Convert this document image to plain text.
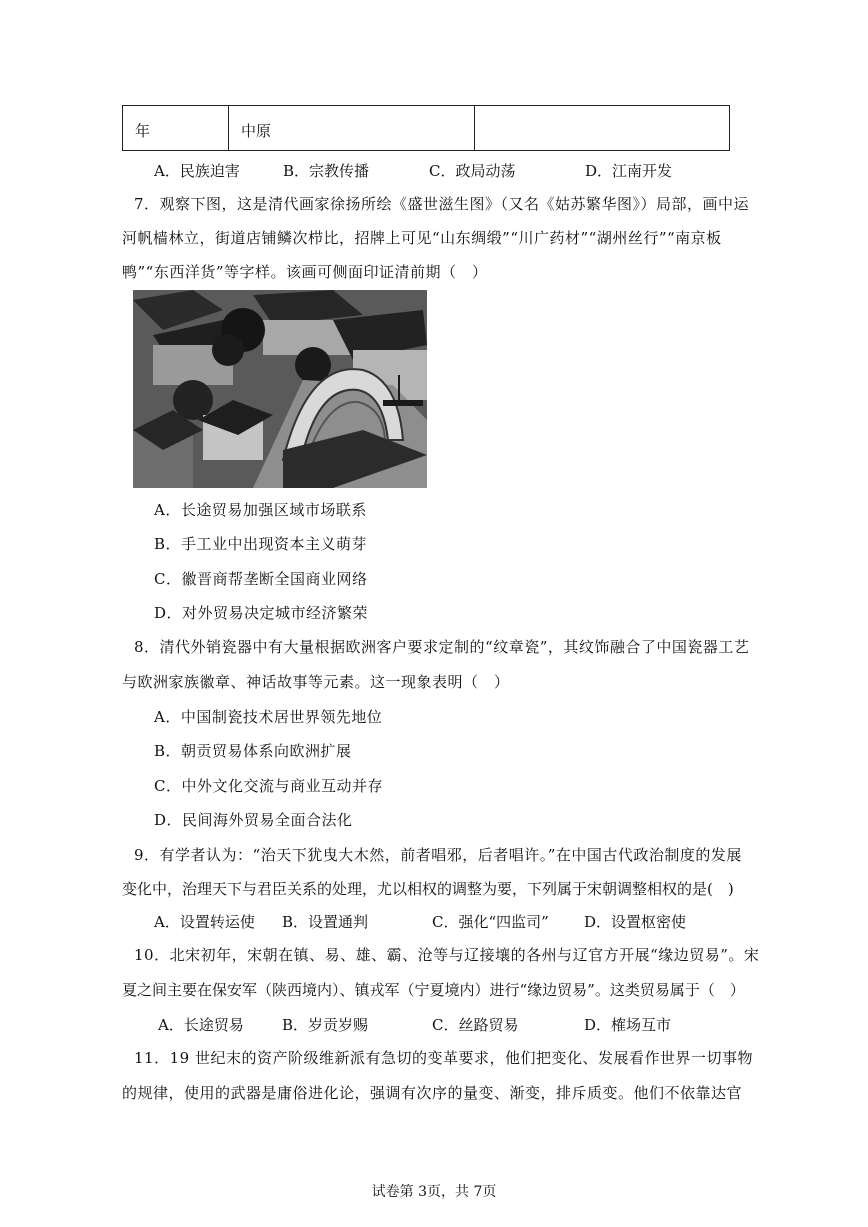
年	中原
A．民族迫害	B．宗教传播	C．政局动荡	D．江南开发
7．观察下图，这是清代画家徐扬所绘《盛世滋生图》（又名《姑苏繁华图》）局部，画中运
河帆樯林立，街道店铺鳞次栉比，招牌上可见“山东绸缎”“川广药材”“湖州丝行”“南京板
鸭”“东西洋货”等字样。该画可侧面印证清前期（　）
A．长途贸易加强区域市场联系
B．手工业中出现资本主义萌芽
C．徽晋商帮垄断全国商业网络
D．对外贸易决定城市经济繁荣
8．清代外销瓷器中有大量根据欧洲客户要求定制的“纹章瓷”，其纹饰融合了中国瓷器工艺
与欧洲家族徽章、神话故事等元素。这一现象表明（　）
A．中国制瓷技术居世界领先地位
B．朝贡贸易体系向欧洲扩展
C．中外文化交流与商业互动并存
D．民间海外贸易全面合法化
9．有学者认为：“治天下犹曳大木然，前者唱邪，后者唱许。”在中国古代政治制度的发展
变化中，治理天下与君臣关系的处理，尤以相权的调整为要，下列属于宋朝调整相权的是(　)
A．设置转运使 B．设置通判	C．强化“四监司” D．设置枢密使
10．北宋初年，宋朝在镇、易、雄、霸、沧等与辽接壤的各州与辽官方开展“缘边贸易”。宋
夏之间主要在保安军（陕西境内）、镇戎军（宁夏境内）进行“缘边贸易”。这类贸易属于（　）
A．长途贸易	B．岁贡岁赐	C．丝路贸易	D．榷场互市
11．19 世纪末的资产阶级维新派有急切的变革要求，他们把变化、发展看作世界一切事物
的规律，使用的武器是庸俗进化论，强调有次序的量变、渐变，排斥质变。他们不依靠达官
试卷第 3页，共 7页
